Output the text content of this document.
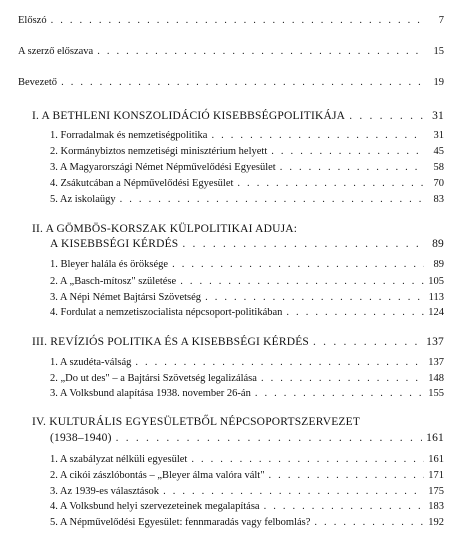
Előszó . . .	7
A szerző előszava . . .	15
Bevezető . . .	19
I. A BETHLENI KONSZOLIDÁCIÓ KISEBBSÉGPOLITIKÁJA . . .	31
1. Forradalmak és nemzetiségpolitika . . .	31
2. Kormánybiztos nemzetiségi minisztérium helyett . . .	45
3. A Magyarországi Német Népművelődési Egyesület . . .	58
4. Zsákutcában a Népművelődési Egyesület . . .	70
5. Az iskolaügy . . .	83
II. A GÖMBÖS-KORSZAK KÜLPOLITIKAI ADUJA:
A KISEBBSÉGI KÉRDÉS . . .	89
1. Bleyer halála és öröksége . . .	89
2. A „Basch-mítosz" születése . . .	105
3. A Népi Német Bajtársi Szövetség . . .	113
4. Fordulat a nemzetiszocialista népcsoport-politikában . . .	124
III. REVÍZIÓS POLITIKA ÉS A KISEBBSÉGI KÉRDÉS . . .	137
1. A szudéta-válság . . .	137
2. „Do ut des" – a Bajtársi Szövetség legalizálása . . .	148
3. A Volksbund alapítása 1938. november 26-án . . .	155
IV. KULTURÁLIS EGYESÜLETBŐL NÉPCSOPORTSZERVEZET
(1938–1940) . . .	161
1. A szabályzat nélküli egyesület . . .	161
2. A cikói zászlóbontás – „Bleyer álma valóra vált" . . .	171
3. Az 1939-es választások . . .	175
4. A Volksbund helyi szervezeteinek megalapítása . . .	183
5. A Népművelődési Egyesület: fennmaradás vagy felbomlás? . . .	192
